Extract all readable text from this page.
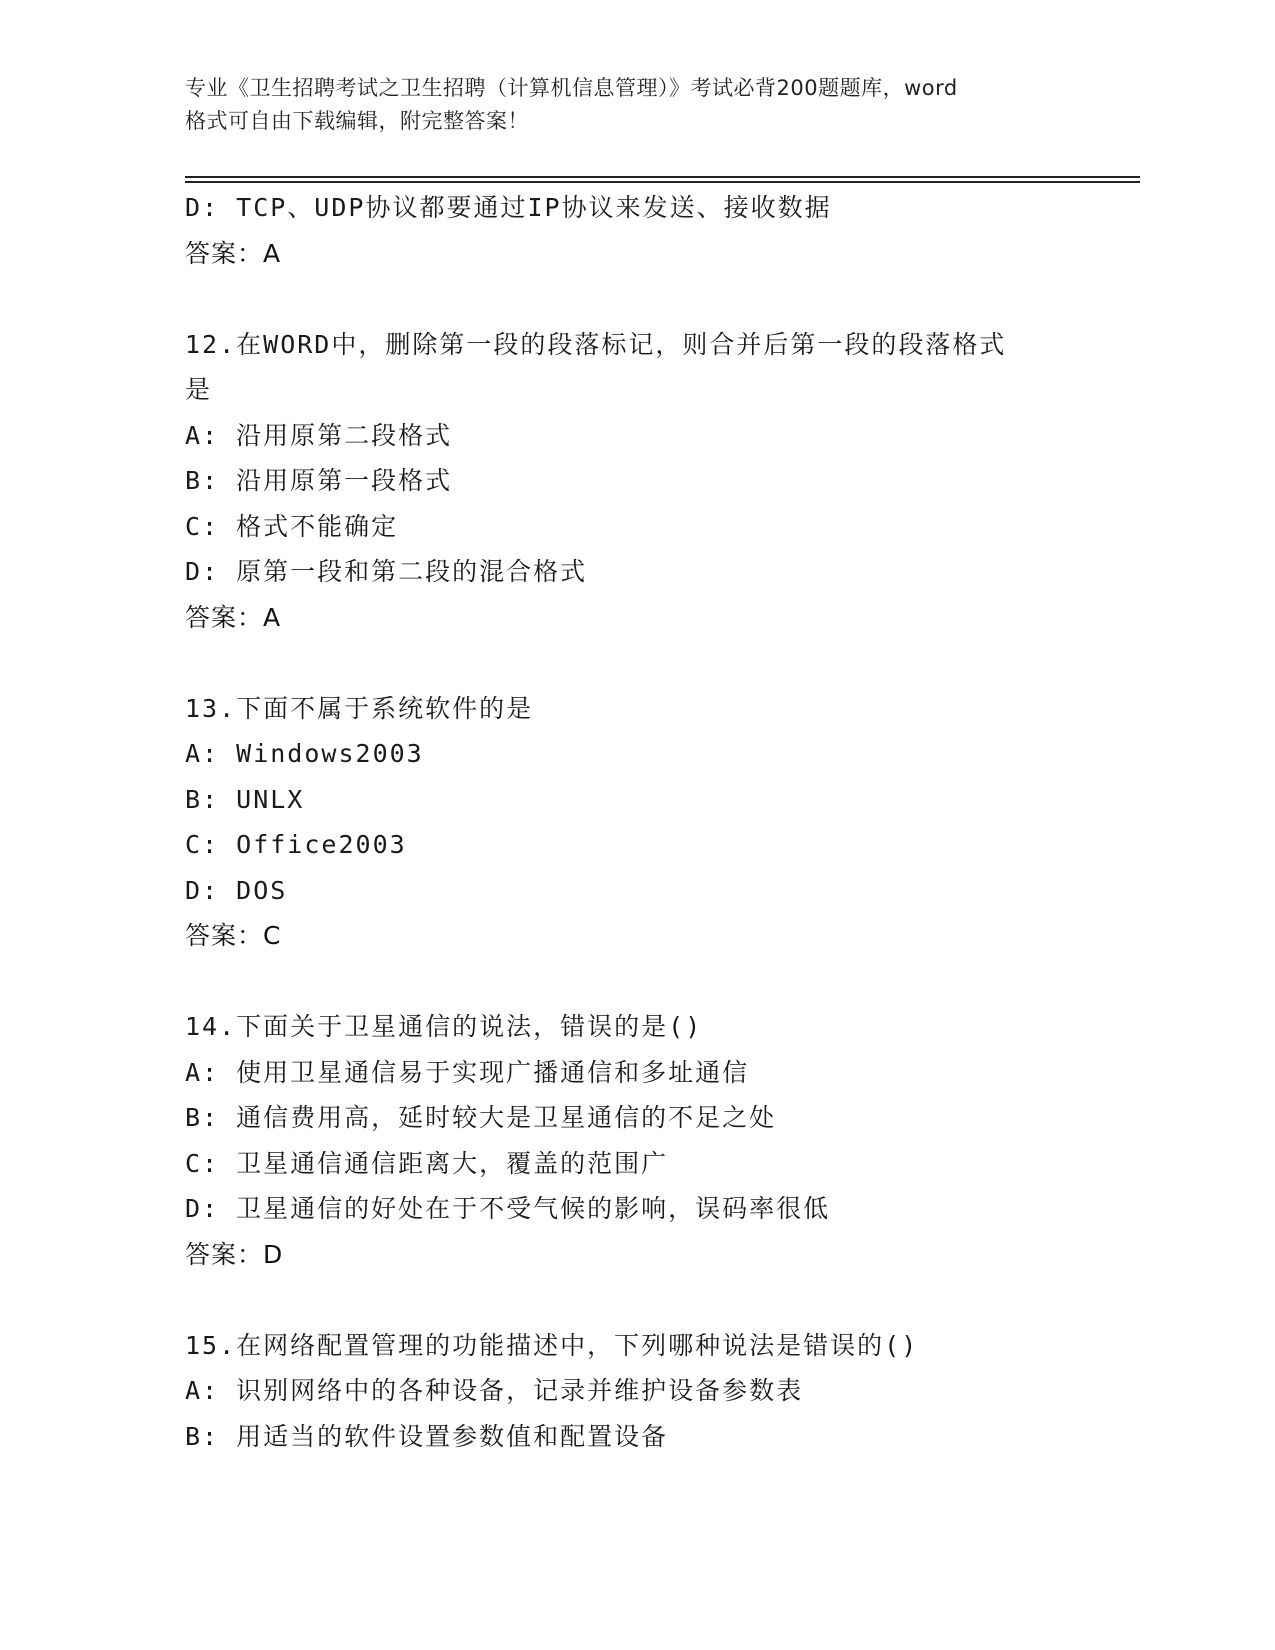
专业《卫生招聘考试之卫生招聘（计算机信息管理）》考试必背200题题库，word
格式可自由下载编辑，附完整答案！
D: TCP、UDP协议都要通过IP协议来发送、接收数据
答案：A
12.在WORD中，删除第一段的段落标记，则合并后第一段的段落格式
是
A: 沿用原第二段格式
B: 沿用原第一段格式
C: 格式不能确定
D: 原第一段和第二段的混合格式
答案：A
13.下面不属于系统软件的是
A: Windows2003
B: UNLX
C: Office2003
D: DOS
答案：C
14.下面关于卫星通信的说法，错误的是()
A: 使用卫星通信易于实现广播通信和多址通信
B: 通信费用高，延时较大是卫星通信的不足之处
C: 卫星通信通信距离大，覆盖的范围广
D: 卫星通信的好处在于不受气候的影响，误码率很低
答案：D
15.在网络配置管理的功能描述中，下列哪种说法是错误的()
A: 识别网络中的各种设备，记录并维护设备参数表
B: 用适当的软件设置参数值和配置设备
